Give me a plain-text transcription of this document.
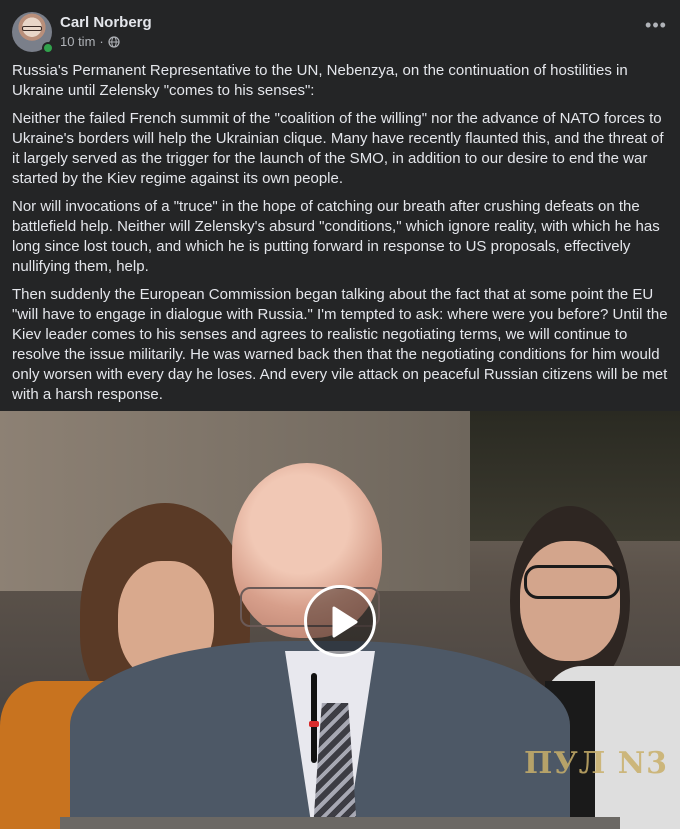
Carl Norberg
10 tim ·
•••

Russia's Permanent Representative to the UN, Nebenzya, on the continuation of hostilities in Ukraine until Zelensky "comes to his senses":

Neither the failed French summit of the "coalition of the willing" nor the advance of NATO forces to Ukraine's borders will help the Ukrainian clique. Many have recently flaunted this, and the threat of it largely served as the trigger for the launch of the SMO, in addition to our desire to end the war started by the Kiev regime against its own people.

Nor will invocations of a "truce" in the hope of catching our breath after crushing defeats on the battlefield help. Neither will Zelensky's absurd "conditions," which ignore reality, with which he has long since lost touch, and which he is putting forward in response to US proposals, effectively nullifying them, help.

Then suddenly the European Commission began talking about the fact that at some point the EU "will have to engage in dialogue with Russia." I'm tempted to ask: where were you before? Until the Kiev leader comes to his senses and agrees to realistic negotiating terms, we will continue to resolve the issue militarily. He was warned back then that the negotiating conditions for him would only worsen with every day he loses. And every vile attack on peaceful Russian citizens will be met with a harsh response.

ПУЛ N3
